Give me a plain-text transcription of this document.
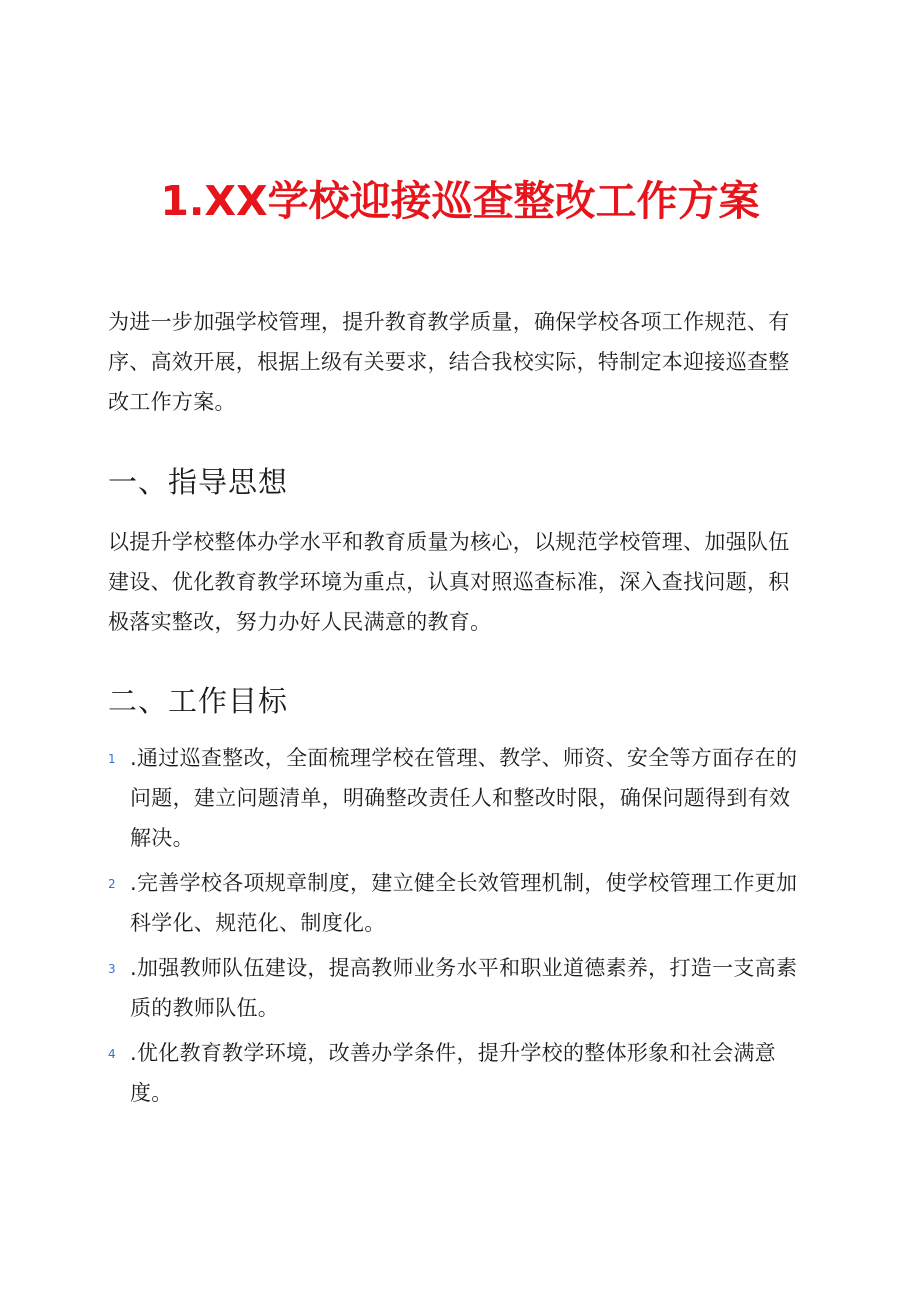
1.XX学校迎接巡查整改工作方案

为进一步加强学校管理，提升教育教学质量，确保学校各项工作规范、有序、高效开展，根据上级有关要求，结合我校实际，特制定本迎接巡查整改工作方案。

一、指导思想

以提升学校整体办学水平和教育质量为核心，以规范学校管理、加强队伍建设、优化教育教学环境为重点，认真对照巡查标准，深入查找问题，积极落实整改，努力办好人民满意的教育。

二、工作目标
1 .通过巡查整改，全面梳理学校在管理、教学、师资、安全等方面存在的问题，建立问题清单，明确整改责任人和整改时限，确保问题得到有效解决。
2 .完善学校各项规章制度，建立健全长效管理机制，使学校管理工作更加科学化、规范化、制度化。
3 .加强教师队伍建设，提高教师业务水平和职业道德素养，打造一支高素质的教师队伍。
4 .优化教育教学环境，改善办学条件，提升学校的整体形象和社会满意度。
